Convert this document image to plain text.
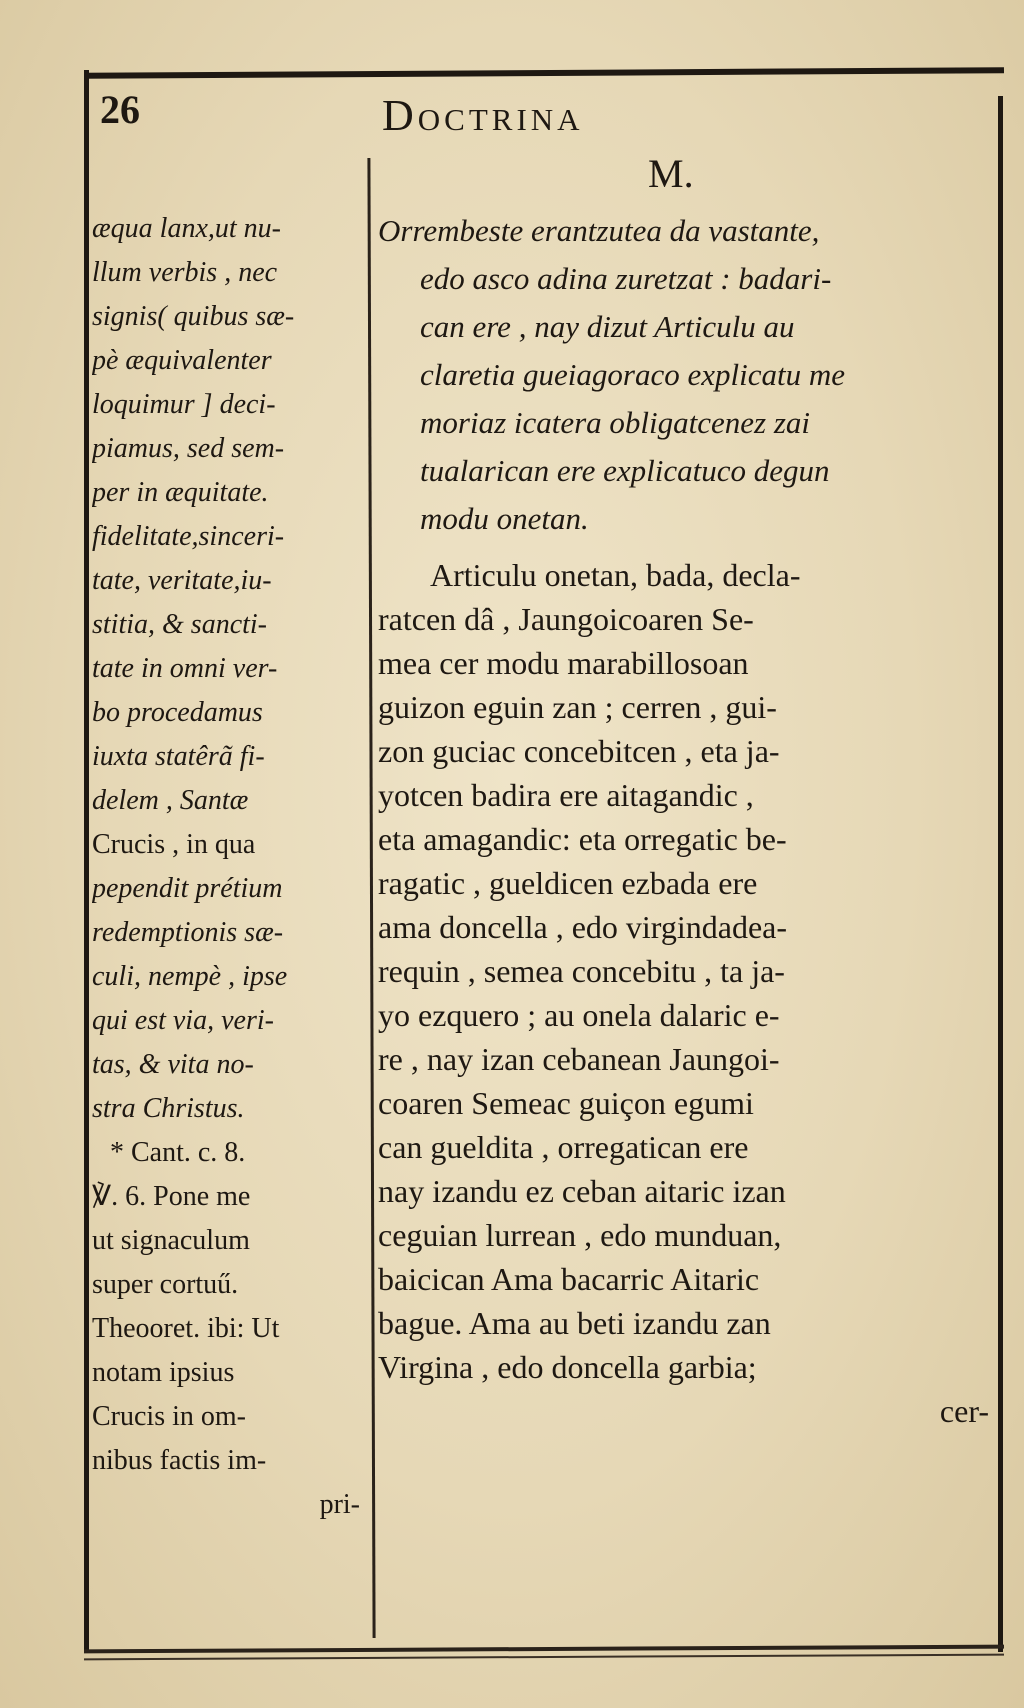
26	Doctrina
M.
æqua lanx,ut nu-
llum verbis , nec
signis( quibus sæ-
pè æquivalenter
loquimur ] deci-
piamus, sed sem-
per in æquitate.
fidelitate,sinceri-
tate, veritate,iu-
stitia, & sancti-
tate in omni ver-
bo procedamus
iuxta statêrã fi-
delem , Santæ
Crucis , in qua
pependit prétium
redemptionis sæ-
culi, nempè , ipse
qui est via, veri-
tas, & vita no-
stra Christus.
* Cant. c. 8.
℣. 6. Pone me
ut signaculum
super cortuű.
Theooret. ibi: Ut
notam ipsius
Crucis in om-
nibus factis im-
pri-
Orrembeste erantzutea da vastante,
edo asco adina zuretzat : badari-
can ere , nay dizut Articulu au
claretia gueiagoraco explicatu me
moriaz icatera obligatcenez zai
tualarican ere explicatuco degun
modu onetan.
Articulu onetan, bada, decla-
ratcen dâ , Jaungoicoaren Se-
mea cer modu marabillosoan
guizon eguin zan ; cerren , gui-
zon guciac concebitcen , eta ja-
yotcen badira ere aitagandic ,
eta amagandic: eta orregatic be-
ragatic , gueldicen ezbada ere
ama doncella , edo virgindadea-
requin , semea concebitu , ta ja-
yo ezquero ; au onela dalaric e-
re , nay izan cebanean Jaungoi-
coaren Semeac guiçon egumi
can gueldita , orregatican ere
nay izandu ez ceban aitaric izan
ceguian lurrean , edo munduan,
baicican Ama bacarric Aitaric
bague. Ama au beti izandu zan
Virgina , edo doncella garbia;
cer-
